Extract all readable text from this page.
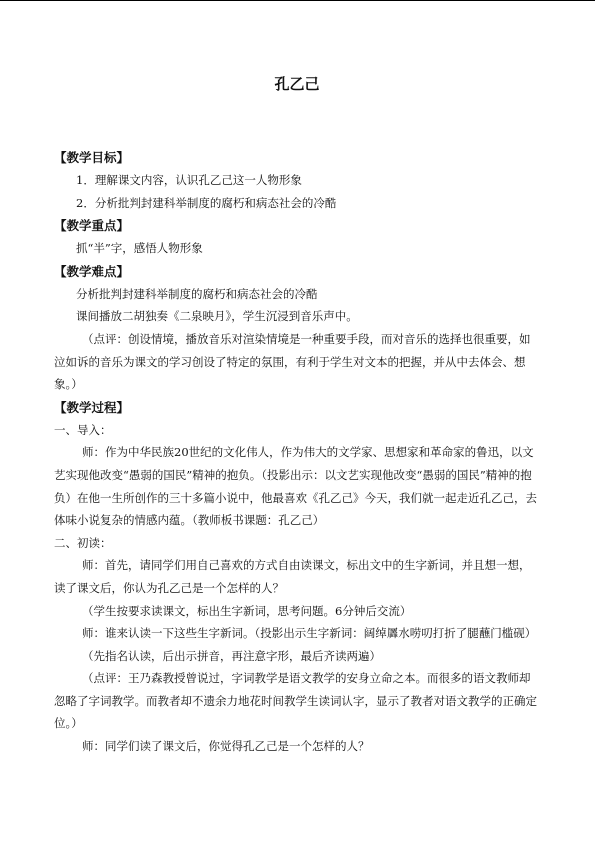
孔乙己
【教学目标】
1．理解课文内容，认识孔乙己这一人物形象
2．分析批判封建科举制度的腐朽和病态社会的冷酷
【教学重点】
抓“半”字，感悟人物形象
【教学难点】
分析批判封建科举制度的腐朽和病态社会的冷酷
课间播放二胡独奏《二泉映月》，学生沉浸到音乐声中。
（点评：创设情境，播放音乐对渲染情境是一种重要手段，而对音乐的选择也很重要，如泣如诉的音乐为课文的学习创设了特定的氛围，有利于学生对文本的把握，并从中去体会、想象。）
【教学过程】
一、导入：
师：作为中华民族20世纪的文化伟人，作为伟大的文学家、思想家和革命家的鲁迅，以文艺实现他改变“愚弱的国民”精神的抱负。（投影出示：以文艺实现他改变“愚弱的国民”精神的抱负）在他一生所创作的三十多篇小说中，他最喜欢《孔乙己》今天，我们就一起走近孔乙己，去体味小说复杂的情感内蕴。（教师板书课题：孔乙己）
二、初读：
师：首先，请同学们用自己喜欢的方式自由读课文，标出文中的生字新词，并且想一想，读了课文后，你认为孔乙己是一个怎样的人？
（学生按要求读课文，标出生字新词，思考问题。6分钟后交流）
师：谁来认读一下这些生字新词。（投影出示生字新词：阔绰羼水唠叨打折了腿蘸门槛砚）
（先指名认读，后出示拼音，再注意字形，最后齐读两遍）
（点评：王乃森教授曾说过，字词教学是语文教学的安身立命之本。而很多的语文教师却忽略了字词教学。而教者却不遗余力地花时间教学生读词认字，显示了教者对语文教学的正确定位。）
师：同学们读了课文后，你觉得孔乙己是一个怎样的人？
